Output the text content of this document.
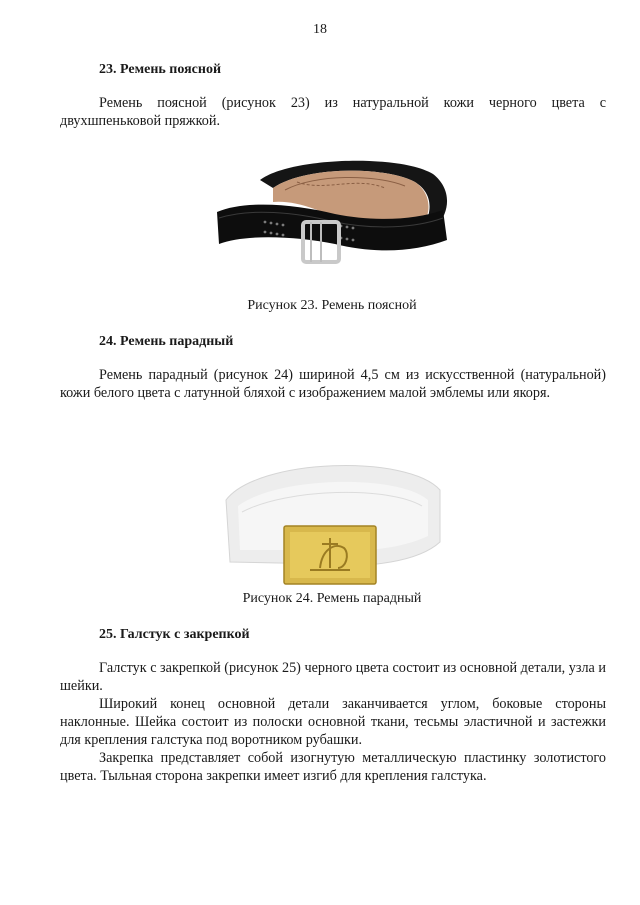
18
23. Ремень поясной
Ремень поясной (рисунок 23) из натуральной кожи черного цвета с двухшпеньковой пряжкой.
Рисунок 23. Ремень поясной
24. Ремень парадный
Ремень парадный (рисунок 24) шириной 4,5 см из искусственной (натуральной) кожи белого цвета с латунной бляхой с изображением малой эмблемы или якоря.
Рисунок 24. Ремень парадный
25. Галстук с закрепкой
Галстук с закрепкой (рисунок 25) черного цвета состоит из основной детали, узла и шейки.
Широкий конец основной детали заканчивается углом, боковые стороны наклонные. Шейка состоит из полоски основной ткани, тесьмы эластичной и застежки для крепления галстука под воротником рубашки.
Закрепка представляет собой изогнутую металлическую пластинку золотистого цвета. Тыльная сторона закрепки имеет изгиб для крепления галстука.
